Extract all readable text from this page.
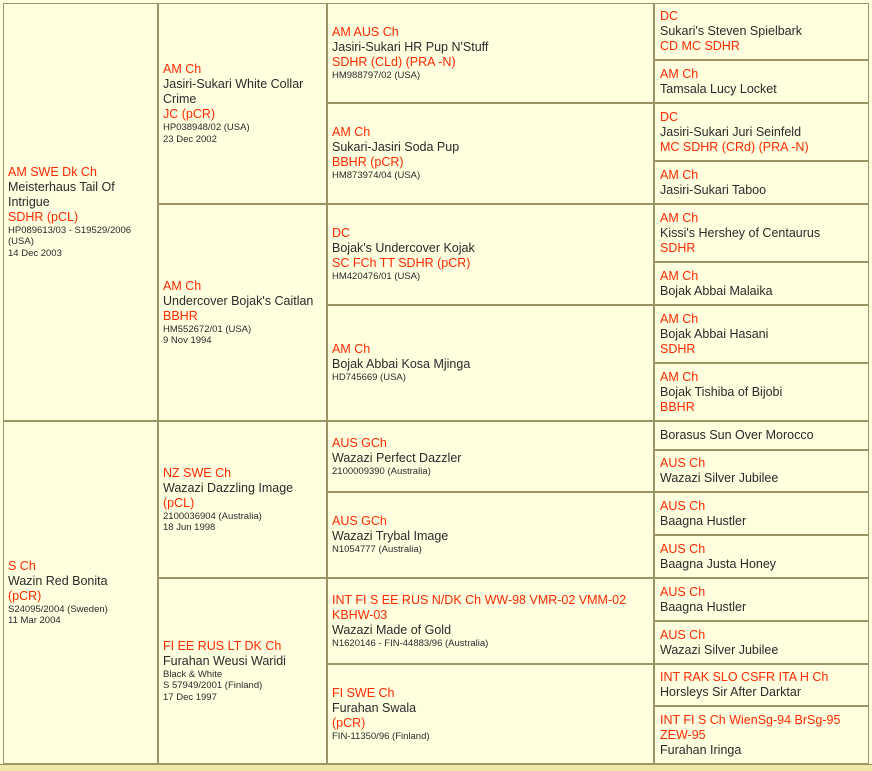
AM SWE Dk Ch
Meisterhaus Tail Of Intrigue
SDHR (pCL)
HP089613/03 - S19529/2006 (USA)
14 Dec 2003
S Ch
Wazin Red Bonita
(pCR)
S24095/2004 (Sweden)
11 Mar 2004
AM Ch
Jasiri-Sukari White Collar Crime
JC (pCR)
HP038948/02 (USA)
23 Dec 2002
AM AUS Ch
Jasiri-Sukari HR Pup N'Stuff
SDHR (CLd) (PRA -N)
HM988797/02 (USA)
DC
Sukari's Steven Spielbark
CD MC SDHR
AM Ch
Tamsala Lucy Locket
AM Ch
Sukari-Jasiri Soda Pup
BBHR (pCR)
HM873974/04 (USA)
DC
Jasiri-Sukari Juri Seinfeld
MC SDHR (CRd) (PRA -N)
AM Ch
Jasiri-Sukari Taboo
AM Ch
Undercover Bojak's Caitlan
BBHR
HM552672/01 (USA)
9 Nov 1994
DC
Bojak's Undercover Kojak
SC FCh TT SDHR (pCR)
HM420476/01 (USA)
AM Ch
Kissi's Hershey of Centaurus
SDHR
AM Ch
Bojak Abbai Malaika
AM Ch
Bojak Abbai Kosa Mjinga
HD745669 (USA)
AM Ch
Bojak Abbai Hasani
SDHR
AM Ch
Bojak Tishiba of Bijobi
BBHR
NZ SWE Ch
Wazazi Dazzling Image
(pCL)
2100036904 (Australia)
18 Jun 1998
AUS GCh
Wazazi Perfect Dazzler
2100009390 (Australia)
Borasus Sun Over Morocco
AUS Ch
Wazazi Silver Jubilee
AUS GCh
Wazazi Trybal Image
N1054777 (Australia)
AUS Ch
Baagna Hustler
AUS Ch
Baagna Justa Honey
FI EE RUS LT DK Ch
Furahan Weusi Waridi
Black & White
S 57949/2001 (Finland)
17 Dec 1997
INT FI S EE RUS N/DK Ch WW-98 VMR-02 VMM-02 KBHW-03
Wazazi Made of Gold
N1620146 - FIN-44883/96 (Australia)
AUS Ch
Baagna Hustler
AUS Ch
Wazazi Silver Jubilee
FI SWE Ch
Furahan Swala
(pCR)
FIN-11350/96 (Finland)
INT RAK SLO CSFR ITA H Ch
Horsleys Sir After Darktar
INT FI S Ch WienSg-94 BrSg-95 ZEW-95
Furahan Iringa
